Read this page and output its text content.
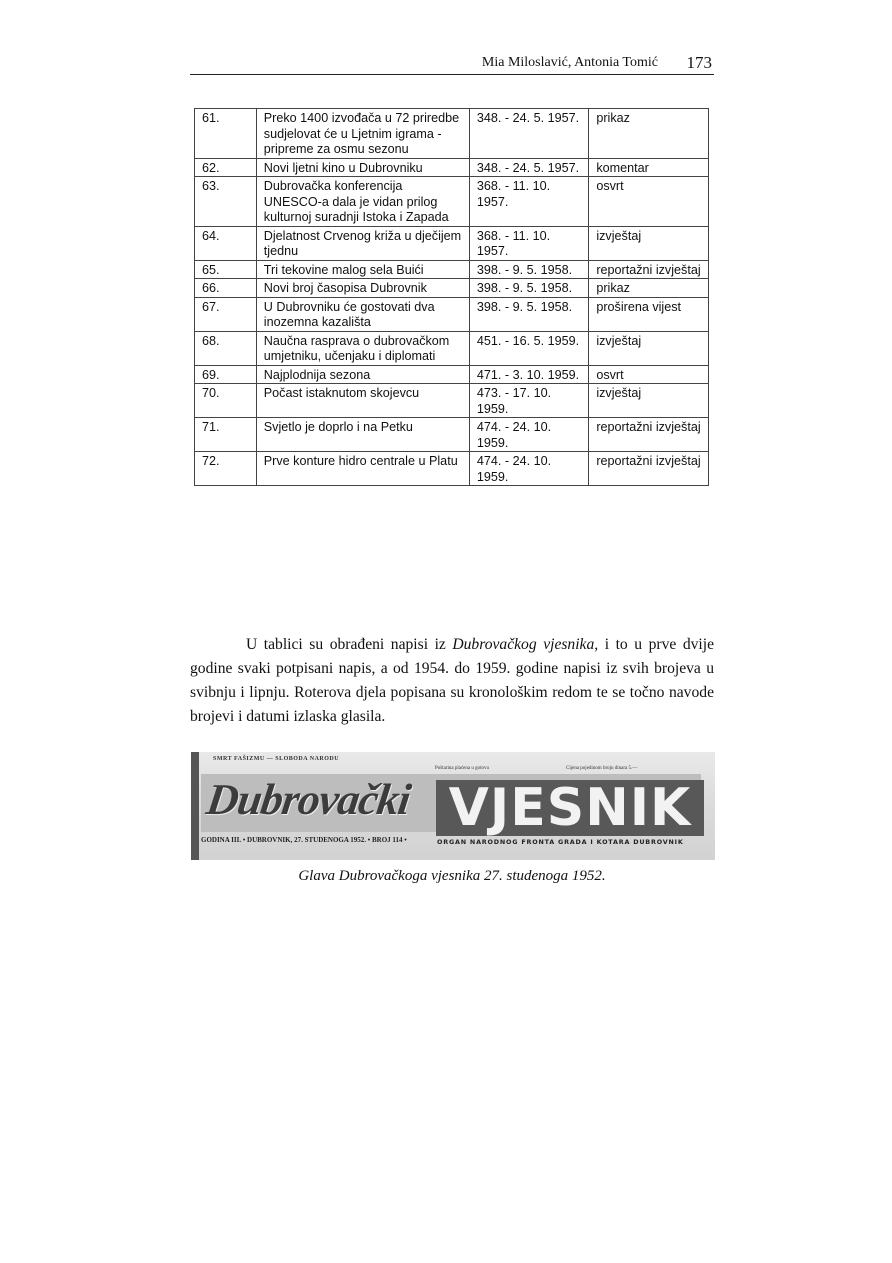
Mia Miloslavić, Antonia Tomić 173
61.	Preko 1400 izvođača u 72 priredbe sudjelovat će u Ljetnim igrama - pripreme za osmu sezonu	348. - 24. 5. 1957.	prikaz
62.	Novi ljetni kino u Dubrovniku	348. - 24. 5. 1957.	komentar
63.	Dubrovačka konferencija UNESCO-a dala je vidan prilog kulturnoj suradnji Istoka i Zapada	368. - 11. 10. 1957.	osvrt
64.	Djelatnost Crvenog križa u dječijem tjednu	368. - 11. 10. 1957.	izvještaj
65.	Tri tekovine malog sela Buići	398. - 9. 5. 1958.	reportažni izvještaj
66.	Novi broj časopisa Dubrovnik	398. - 9. 5. 1958.	prikaz
67.	U Dubrovniku će gostovati dva inozemna kazališta	398. - 9. 5. 1958.	proširena vijest
68.	Naučna rasprava o dubrovačkom umjetniku, učenjaku i diplomati	451. - 16. 5. 1959.	izvještaj
69.	Najplodnija sezona	471. - 3. 10. 1959.	osvrt
70.	Počast istaknutom skojevcu	473. - 17. 10. 1959.	izvještaj
71.	Svjetlo je doprlo i na Petku	474. - 24. 10. 1959.	reportažni izvještaj
72.	Prve konture hidro centrale u Platu	474. - 24. 10. 1959.	reportažni izvještaj
U tablici su obrađeni napisi iz Dubrovačkog vjesnika, i to u prve dvije godine svaki potpisani napis, a od 1954. do 1959. godine napisi iz svih brojeva u svibnju i lipnju. Roterova djela popisana su kronološkim redom te se točno navode brojevi i datumi izlaska glasila.
SMRT FAŠIZMU — SLOBODA NARODU
Poštarina plaćena u gotovu	Cijena pojedinom broju dinara 5.—
Dubrovački VJESNIK
GODINA III. • DUBROVNIK, 27. STUDENOGA 1952. • BROJ 114 •	ORGAN NARODNOG FRONTA GRADA I KOTARA DUBROVNIK
Glava Dubrovačkoga vjesnika 27. studenoga 1952.
